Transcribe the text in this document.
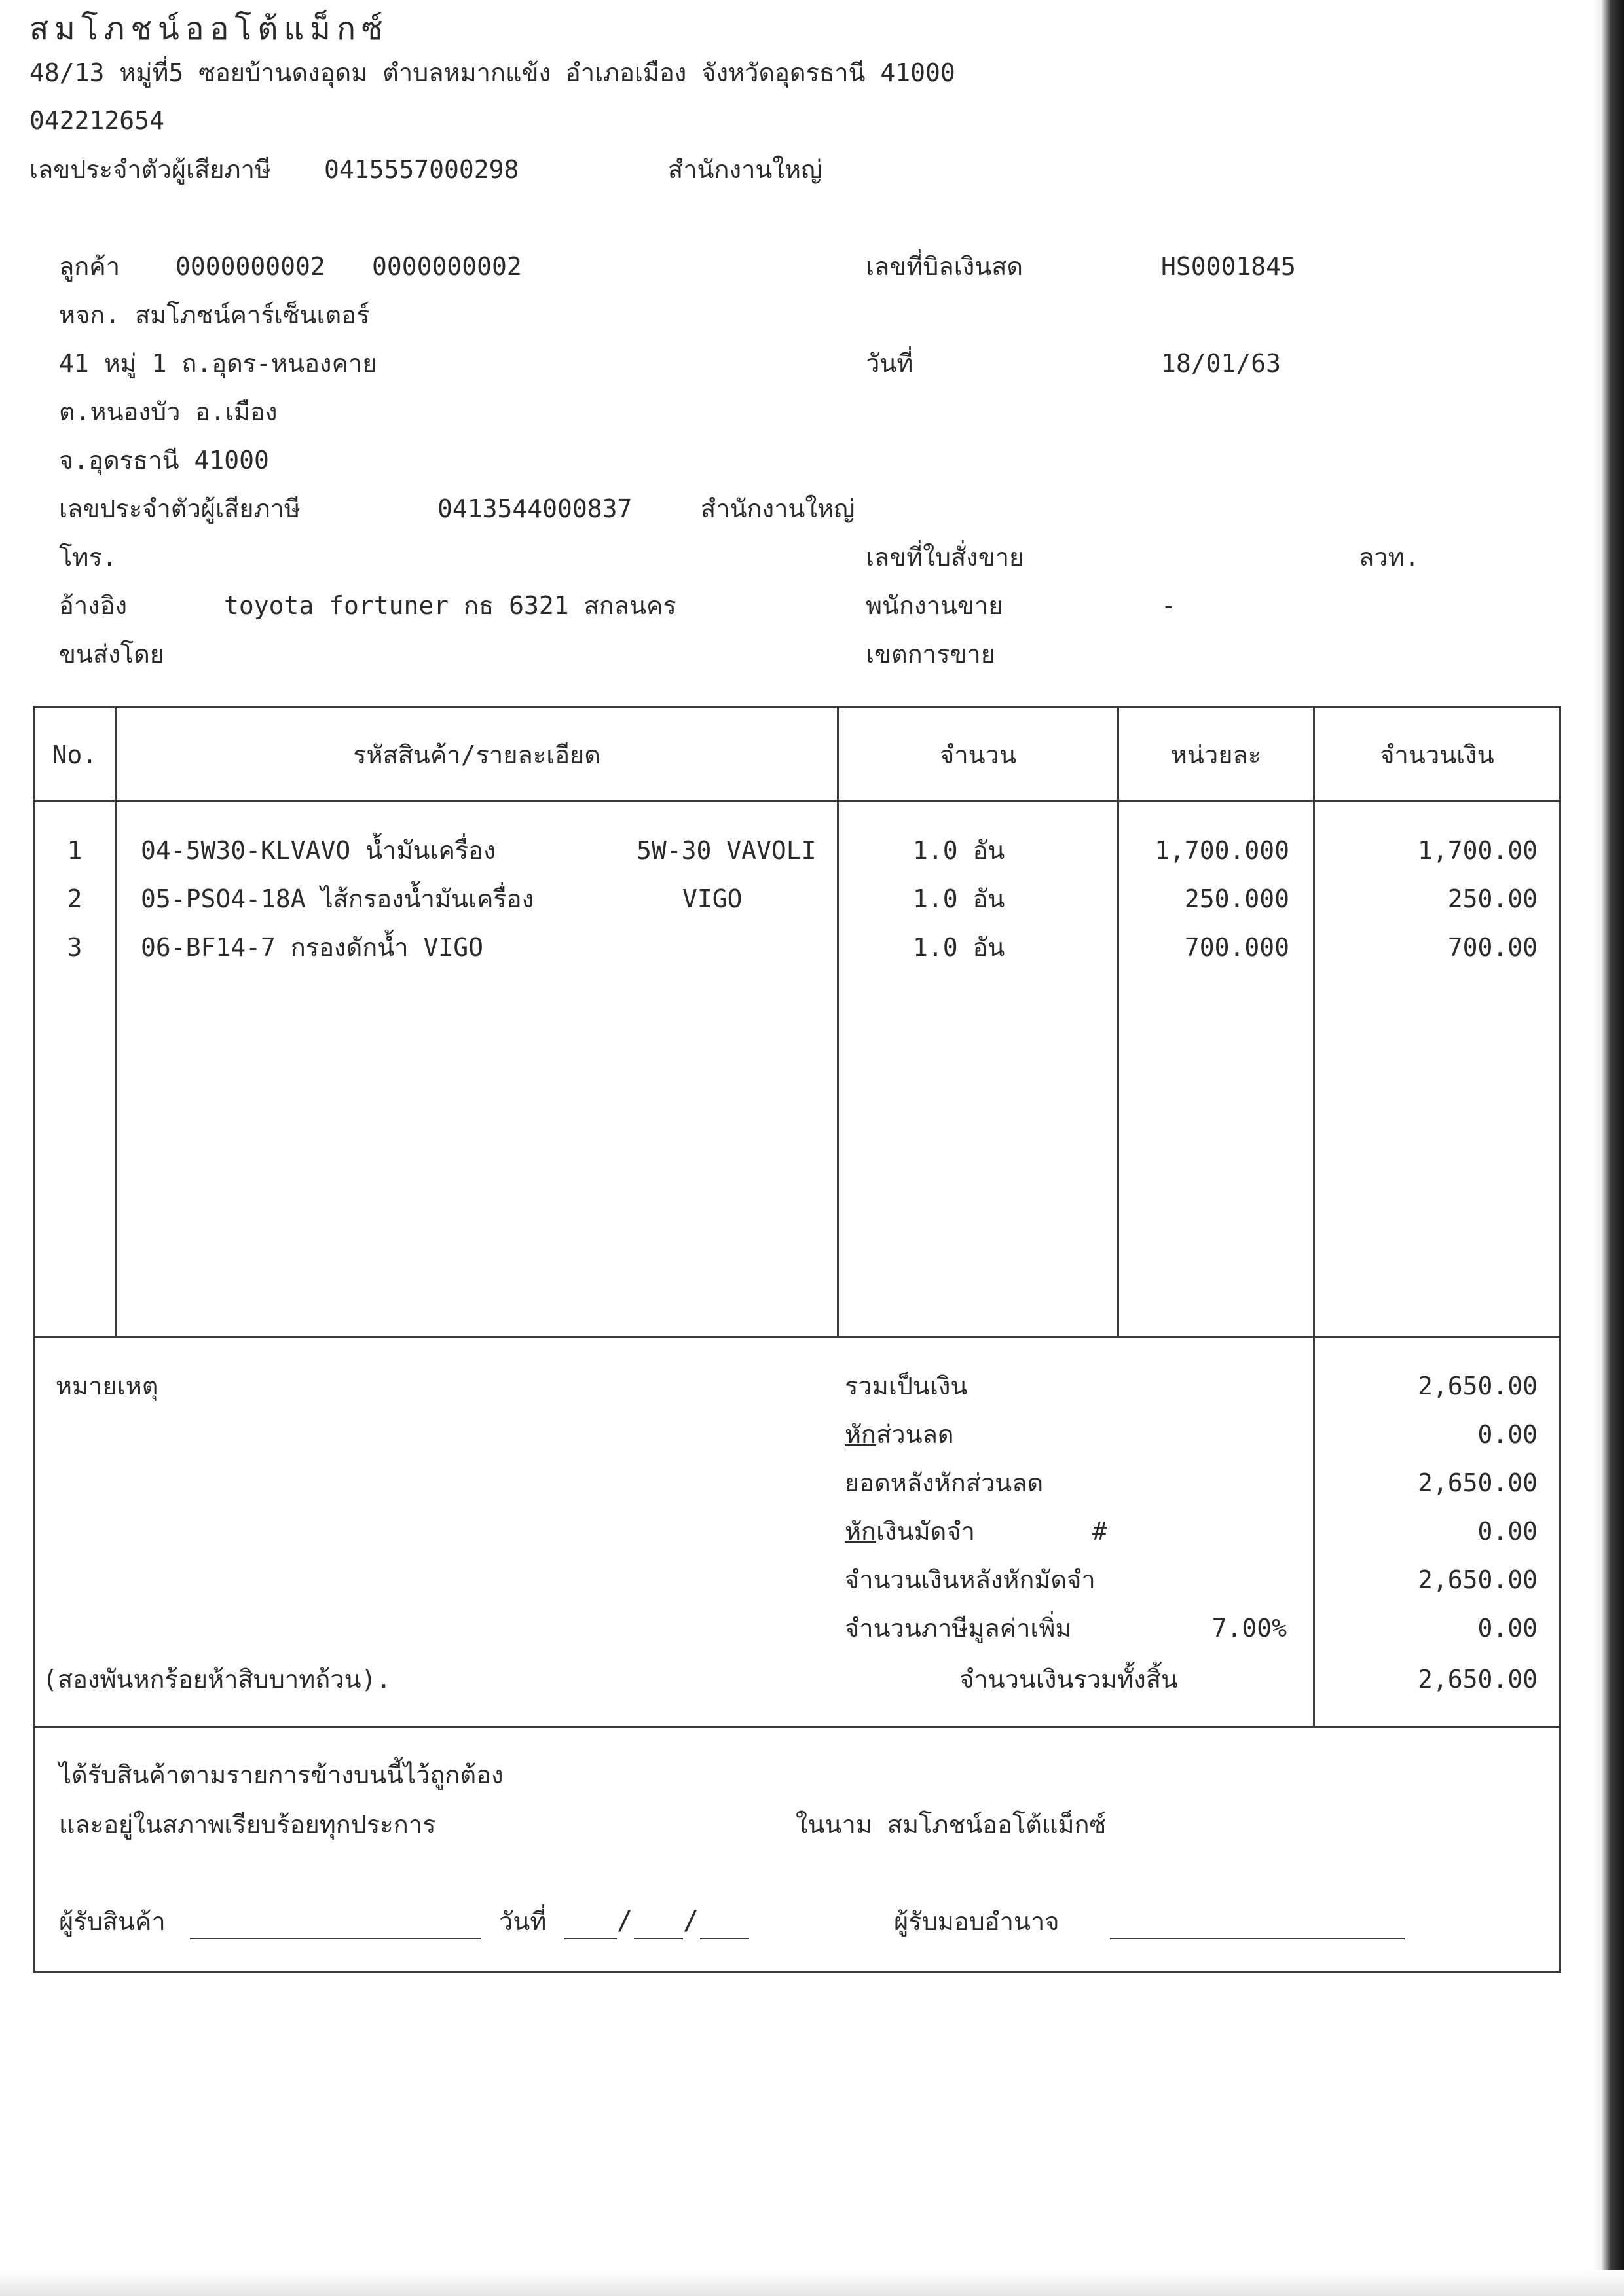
สมโภชน์ออโต้แม็กซ์
48/13 หมู่ที่5 ซอยบ้านดงอุดม ตำบลหมากแข้ง อำเภอเมือง จังหวัดอุดรธานี 41000
042212654
เลขประจำตัวผู้เสียภาษี 0415557000298	สำนักงานใหญ่
ลูกค้า 0000000002 0000000002
หจก. สมโภชน์คาร์เซ็นเตอร์
41 หมู่ 1 ถ.อุดร-หนองคาย
ต.หนองบัว อ.เมือง
จ.อุดรธานี 41000
เลขประจำตัวผู้เสียภาษี	0413544000837	สำนักงานใหญ่
โทร.
อ้างอิง	toyota fortuner กธ 6321 สกลนคร
ขนส่งโดย
เลขที่บิลเงินสด	HS0001845
วันที่	18/01/63
เลขที่ใบสั่งขาย	ลวท.
พนักงานขาย	-
เขตการขาย
No.	รหัสสินค้า/รายละเอียด	จำนวน	หน่วยละ	จำนวนเงิน
1	04-5W30-KLVAVO น้ำมันเครื่อง	5W-30 VAVOLI	1.0 อัน	1,700.000	1,700.00
2	05-PSO4-18A ไส้กรองน้ำมันเครื่อง	VIGO	1.0 อัน	250.000	250.00
3	06-BF14-7 กรองดักน้ำ VIGO	1.0 อัน	700.000	700.00
หมายเหตุ
(สองพันหกร้อยห้าสิบบาทถ้วน).
รวมเป็นเงิน	2,650.00
หักส่วนลด	0.00
ยอดหลังหักส่วนลด	2,650.00
หักเงินมัดจำ	#	0.00
จำนวนเงินหลังหักมัดจำ	2,650.00
จำนวนภาษีมูลค่าเพิ่ม	7.00%	0.00
จำนวนเงินรวมทั้งสิ้น	2,650.00
ได้รับสินค้าตามรายการข้างบนนี้ไว้ถูกต้อง
และอยู่ในสภาพเรียบร้อยทุกประการ	ในนาม สมโภชน์ออโต้แม็กซ์
ผู้รับสินค้า	วันที่	/ /	ผู้รับมอบอำนาจ
